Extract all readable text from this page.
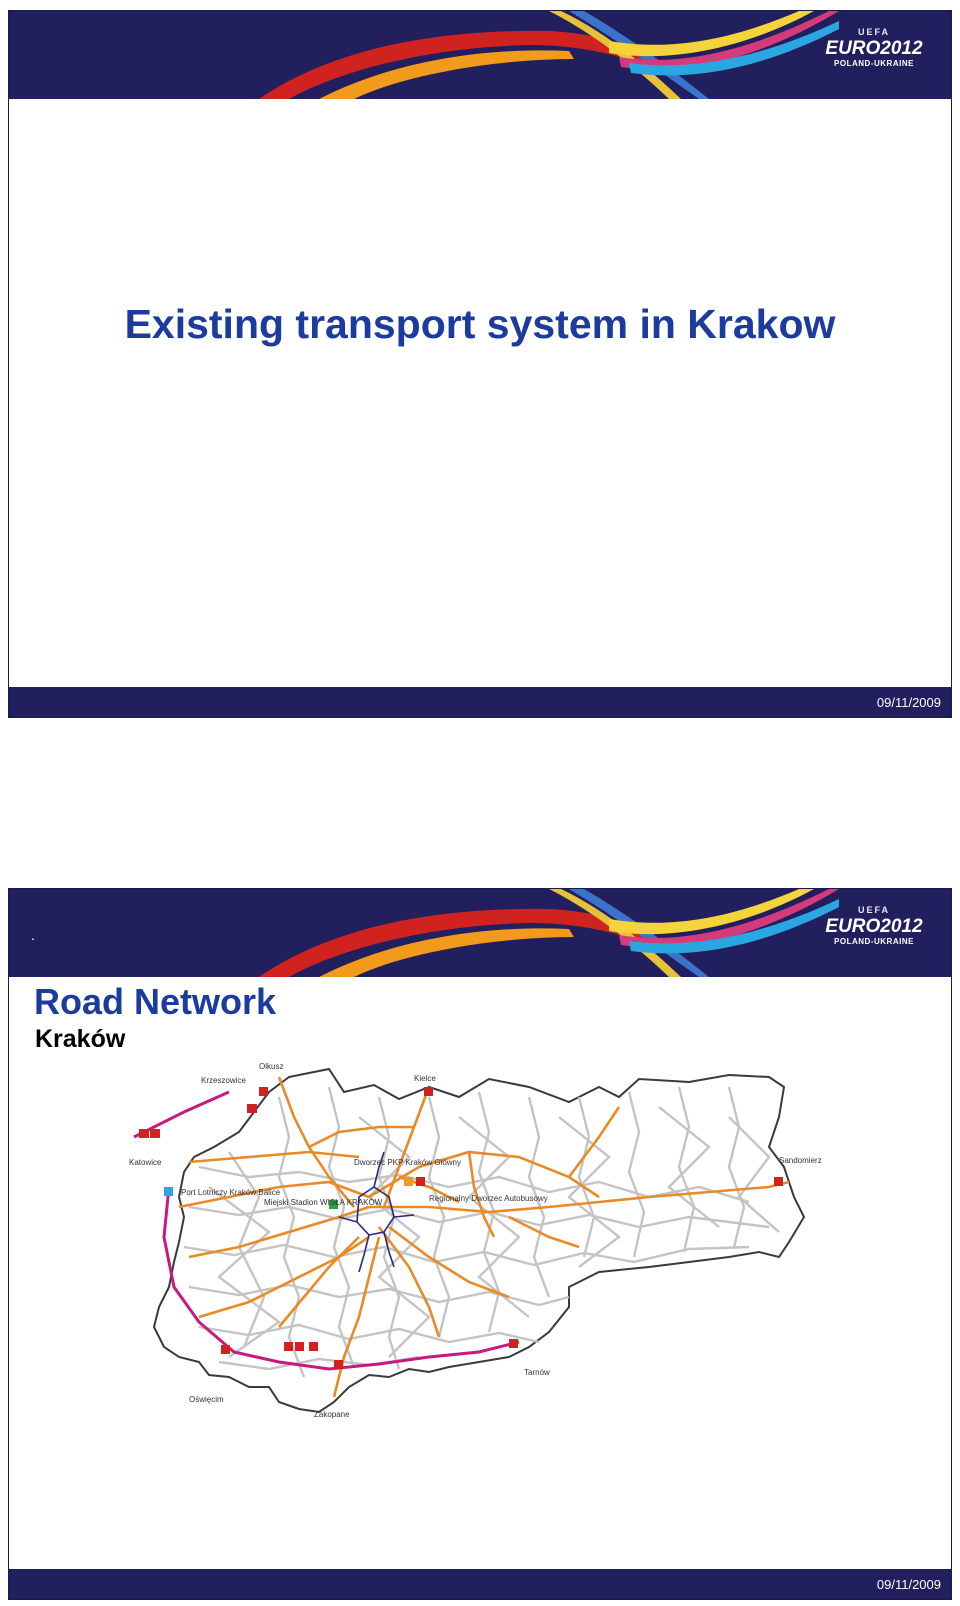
UEFA
EURO2012
POLAND-UKRAINE
Existing transport system in Krakow
09/11/2009
.
UEFA
EURO2012
POLAND-UKRAINE
Road Network
Kraków
Olkusz
Krzeszowice	Kielce
Katowice
Port Lotniczy Kraków Balice
Dworzec PKP Kraków Główny
Miejski Stadion WISŁA KRAKÓW	Regionalny Dworzec Autobusowy
Sandomierz
Oświęcim
Zakopane
Tarnów
09/11/2009
